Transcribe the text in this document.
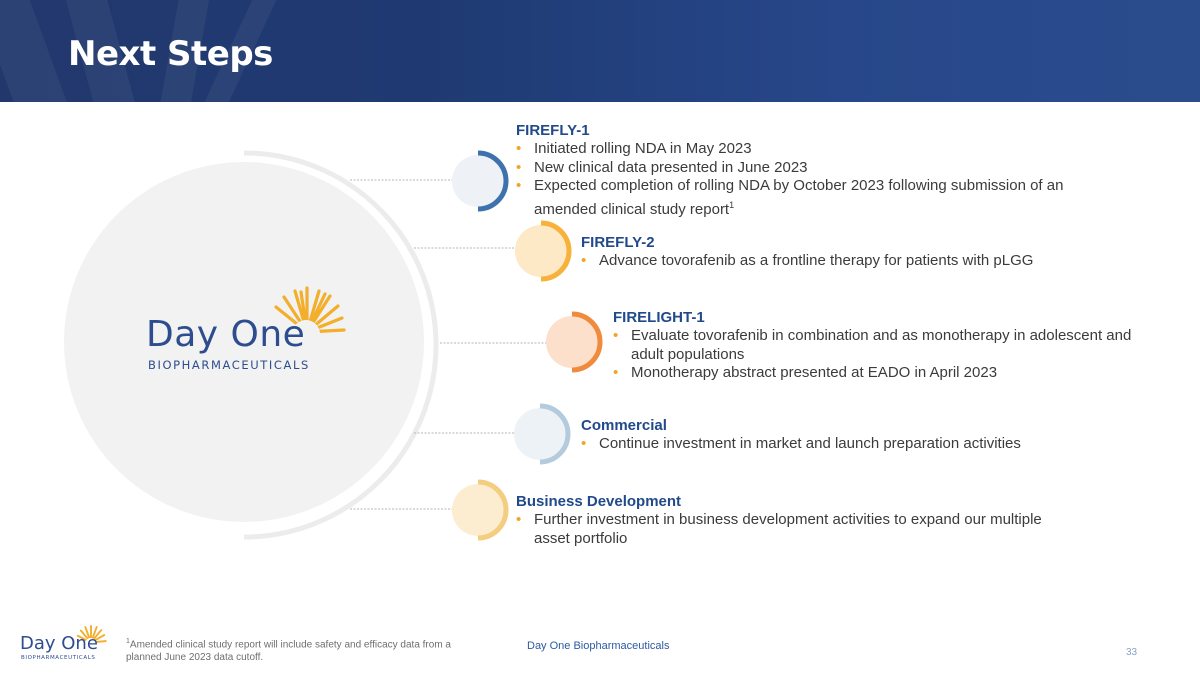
Next Steps
Day One
BIOPHARMACEUTICALS
FIREFLY-1
• Initiated rolling NDA in May 2023
• New clinical data presented in June 2023
• Expected completion of rolling NDA by October 2023 following submission of an amended clinical study report$^1$
FIREFLY-2
• Advance tovorafenib as a frontline therapy for patients with pLGG
FIRELIGHT-1
• Evaluate tovorafenib in combination and as monotherapy in adolescent and adult populations
• Monotherapy abstract presented at EADO in April 2023
Commercial
• Continue investment in market and launch preparation activities
Business Development
• Further investment in business development activities to expand our multiple asset portfolio
Day One
BIOPHARMACEUTICALS
$^1$Amended clinical study report will include safety and efficacy data from a planned June 2023 data cutoff.
Day One Biopharmaceuticals
33
